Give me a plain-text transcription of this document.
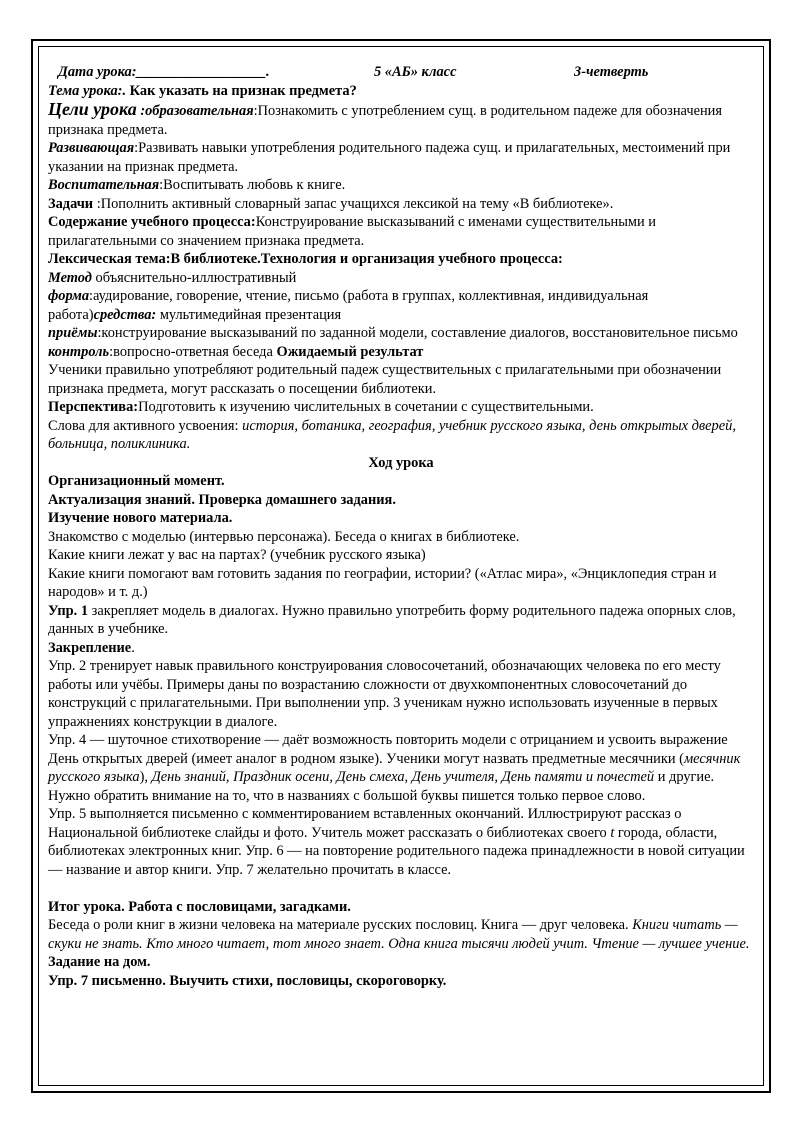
Дата урока:__________________.	5 «АБ» класс	3-четверть

Тема урока:. Как указать на признак предмета?

Цели урока :образовательная:Познакомить с употреблением сущ. в родительном падеже для обозначения признака предмета.

Развивающая:Развивать навыки употребления родительного падежа сущ. и прилагательных, местоимений при указании на признак предмета.

Воспитательная:Воспитывать любовь к книге.

Задачи :Пополнить активный словарный запас учащихся лексикой на тему «В библиотеке».

Содержание учебного процесса:Конструирование высказываний с именами существительными и прилагательными со значением признака предмета.

Лексическая тема:В библиотеке.Технология и организация учебного процесса:

Метод объяснительно-иллюстративный

форма:аудирование, говорение, чтение, письмо (работа в группах, коллективная, индивидуальная работа)средства: мультимедийная презентация

приёмы:конструирование высказываний по заданной модели, составление диалогов, восстановительное письмо контроль:вопросно-ответная беседа Ожидаемый результат

Ученики правильно употребляют родительный падеж существительных с прилагательными при обозначении признака предмета, могут рассказать о посещении библиотеки.

Перспектива:Подготовить к изучению числительных в сочетании с существительными.

Слова для активного усвоения: история, ботаника, география, учебник русского языка, день открытых дверей, больница, поликлиника.

Ход урока

Организационный момент.

Актуализация знаний. Проверка домашнего задания.

Изучение нового материала.

Знакомство с моделью (интервью персонажа). Беседа о книгах в библиотеке.

Какие книги лежат у вас на партах? (учебник русского языка)

Какие книги помогают вам готовить задания по географии, истории? («Атлас мира», «Энциклопедия стран и народов» и т. д.)

Упр. 1 закрепляет модель в диалогах. Нужно правильно употребить форму родительного падежа опорных слов, данных в учебнике.

Закрепление.

Упр. 2 тренирует навык правильного конструирования словосочетаний, обозначающих человека по его месту работы или учёбы. Примеры даны по возрастанию сложности от двухкомпонентных словосочетаний до конструкций с прилагательными. При выполнении упр. 3 ученикам нужно использовать изученные в первых упражнениях конструкции в диалоге.

Упр. 4 — шуточное стихотворение — даёт возможность повторить модели с отрицанием и усвоить выражение День открытых дверей (имеет аналог в родном языке). Ученики могут назвать предметные месячники (месячник русского языка), День знаний, Праздник осени, День смеха, День учителя, День памяти и почестей и другие. Нужно обратить внимание на то, что в названиях с большой буквы пишется только первое слово.

Упр. 5 выполняется письменно с комментированием вставленных окончаний. Иллюстрируют рассказ о Национальной библиотеке слайды и фото. Учитель может рассказать о библиотеках своего t города, области, библиотеках электронных книг. Упр. 6 — на повторение родительного падежа принадлежности в новой ситуации — название и автор книги. Упр. 7 желательно прочитать в классе.

Итог урока. Работа с пословицами, загадками.

Беседа о роли книг в жизни человека на материале русских пословиц. Книга — друг человека. Книги читать — скуки не знать. Кто много читает, тот много знает. Одна книга тысячи людей учит. Чтение — лучшее учение.

Задание на дом.

Упр. 7 письменно. Выучить стихи, пословицы, скороговорку.
